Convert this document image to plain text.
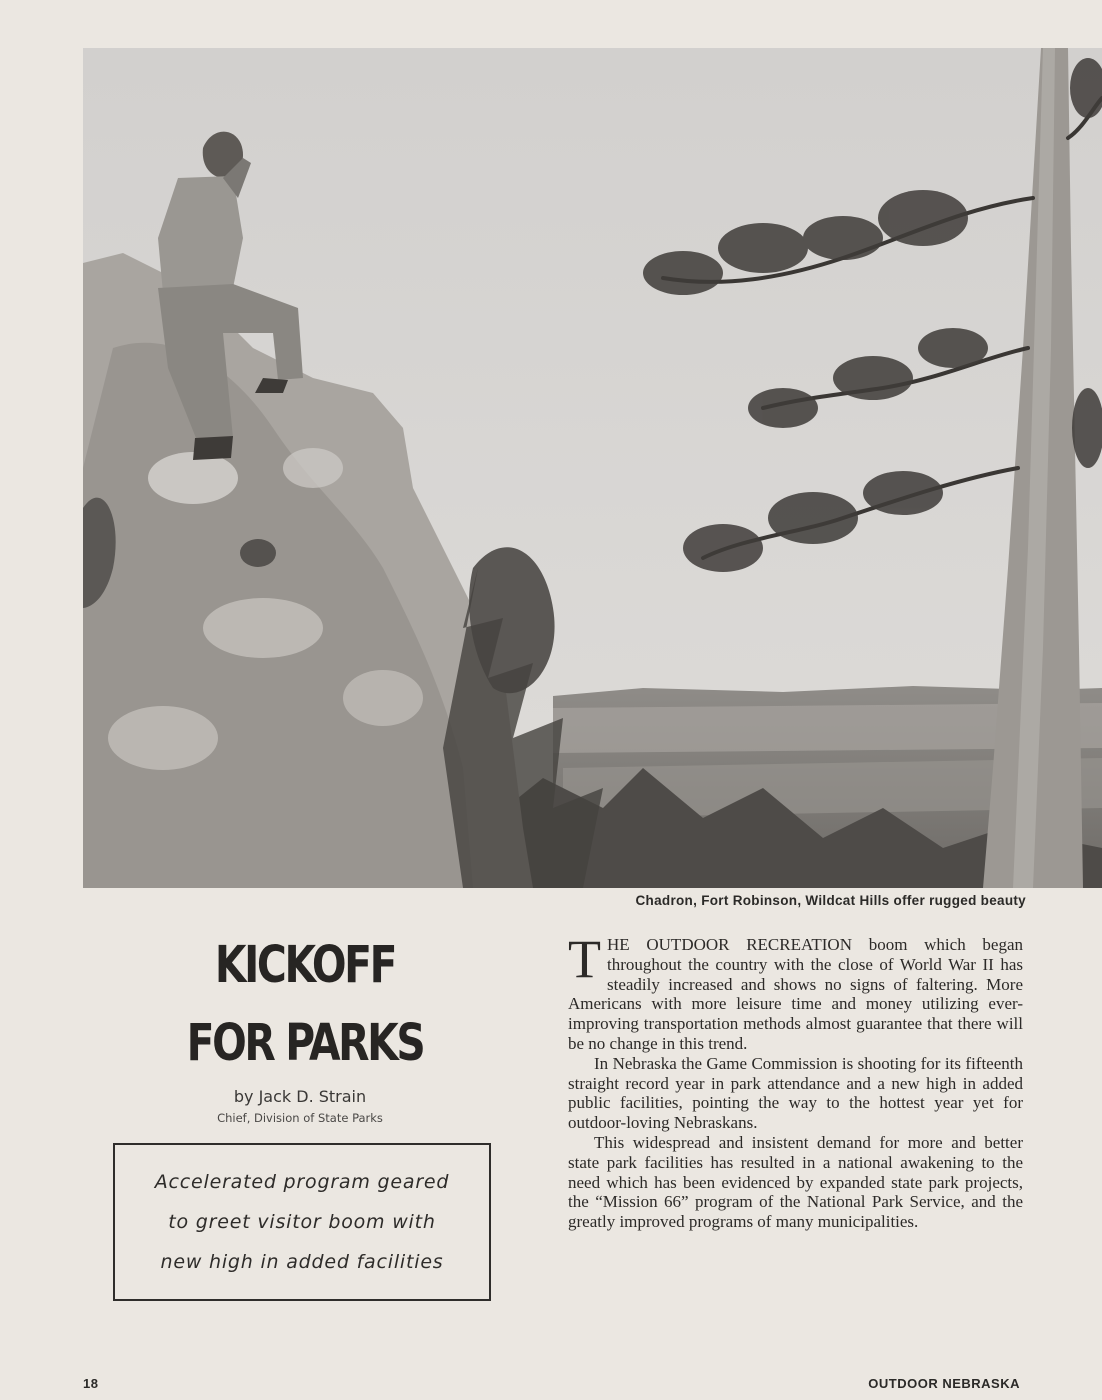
Chadron, Fort Robinson, Wildcat Hills offer rugged beauty
KICKOFF
FOR PARKS
by Jack D. Strain
Chief, Division of State Parks
Accelerated program geared
to greet visitor boom with
new high in added facilities

THE OUTDOOR RECREATION boom which began throughout the country with the close of World War II has steadily increased and shows no signs of faltering. More Americans with more leisure time and money utilizing ever-improving transportation methods almost guarantee that there will be no change in this trend.

In Nebraska the Game Commission is shooting for its fifteenth straight record year in park attendance and a new high in added public facilities, pointing the way to the hottest year yet for outdoor-loving Nebraskans.

This widespread and insistent demand for more and better state park facilities has resulted in a national awakening to the need which has been evidenced by expanded state park projects, the “Mission 66” program of the National Park Service, and the greatly improved programs of many municipalities.

18	OUTDOOR NEBRASKA
